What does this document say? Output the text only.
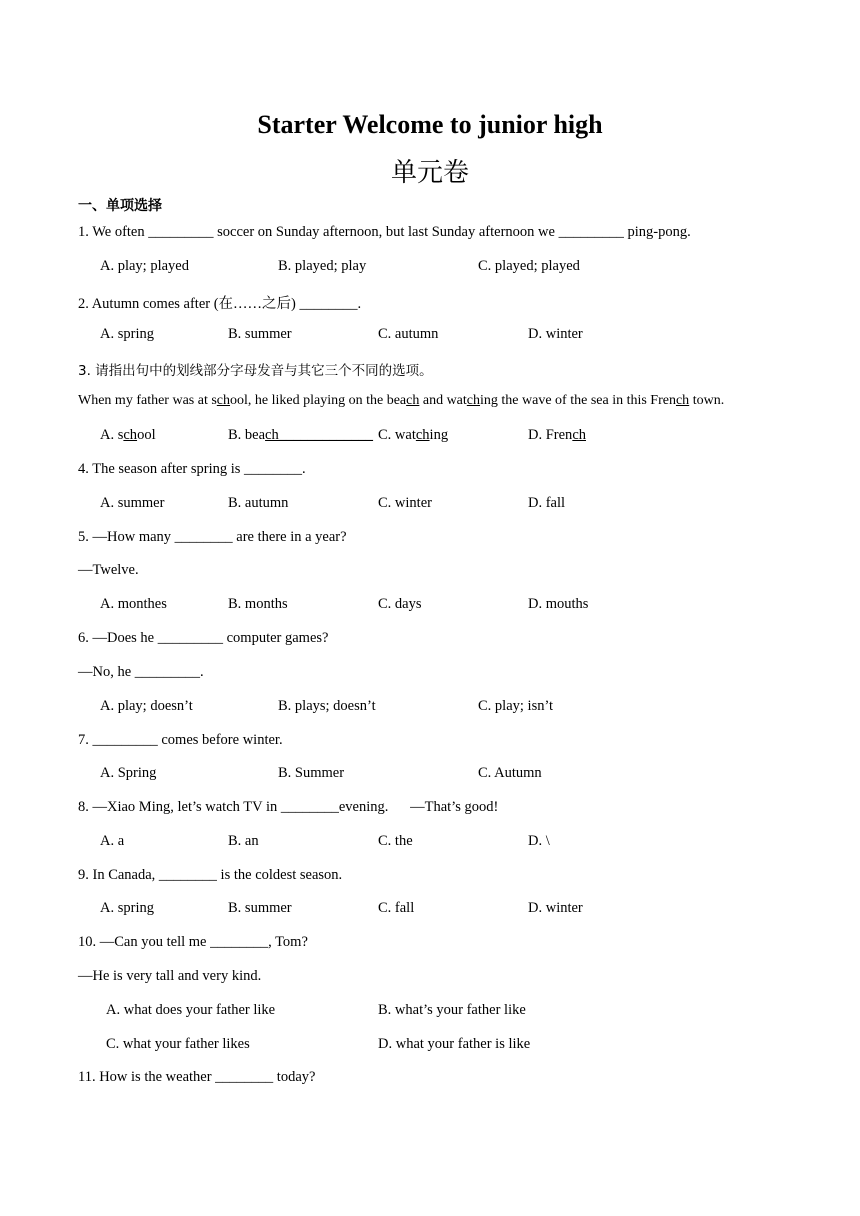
Starter Welcome to junior high
单元卷
一、单项选择
1. We often _________ soccer on Sunday afternoon, but last Sunday afternoon we _________ ping-pong.
A. play; played	B. played; play	C. played; played
2. Autumn comes after (在……之后) ________.
A. spring	B. summer	C. autumn	D. winter
3. 请指出句中的划线部分字母发音与其它三个不同的选项。
When my father was at school, he liked playing on the beach and watching the wave of the sea in this French town.
A. school	B. beach_____________ C. watching	D. French
4. The season after spring is ________.
A. summer	B. autumn	C. winter	D. fall
5. —How many ________ are there in a year?
—Twelve.
A. monthes	B. months	C. days	D. mouths
6. —Does he _________ computer games?
—No, he _________.
A. play; doesn’t	B. plays; doesn’t	C. play; isn’t
7. _________ comes before winter.
A. Spring	B. Summer	C. Autumn
8. —Xiao Ming, let’s watch TV in ________evening.      —That’s good!
A. a	B. an	C. the	D. \
9. In Canada, ________ is the coldest season.
A. spring	B. summer	C. fall	D. winter
10. —Can you tell me ________, Tom?
—He is very tall and very kind.
A. what does your father like	B. what’s your father like
C. what your father likes	D. what your father is like
11. How is the weather ________ today?
